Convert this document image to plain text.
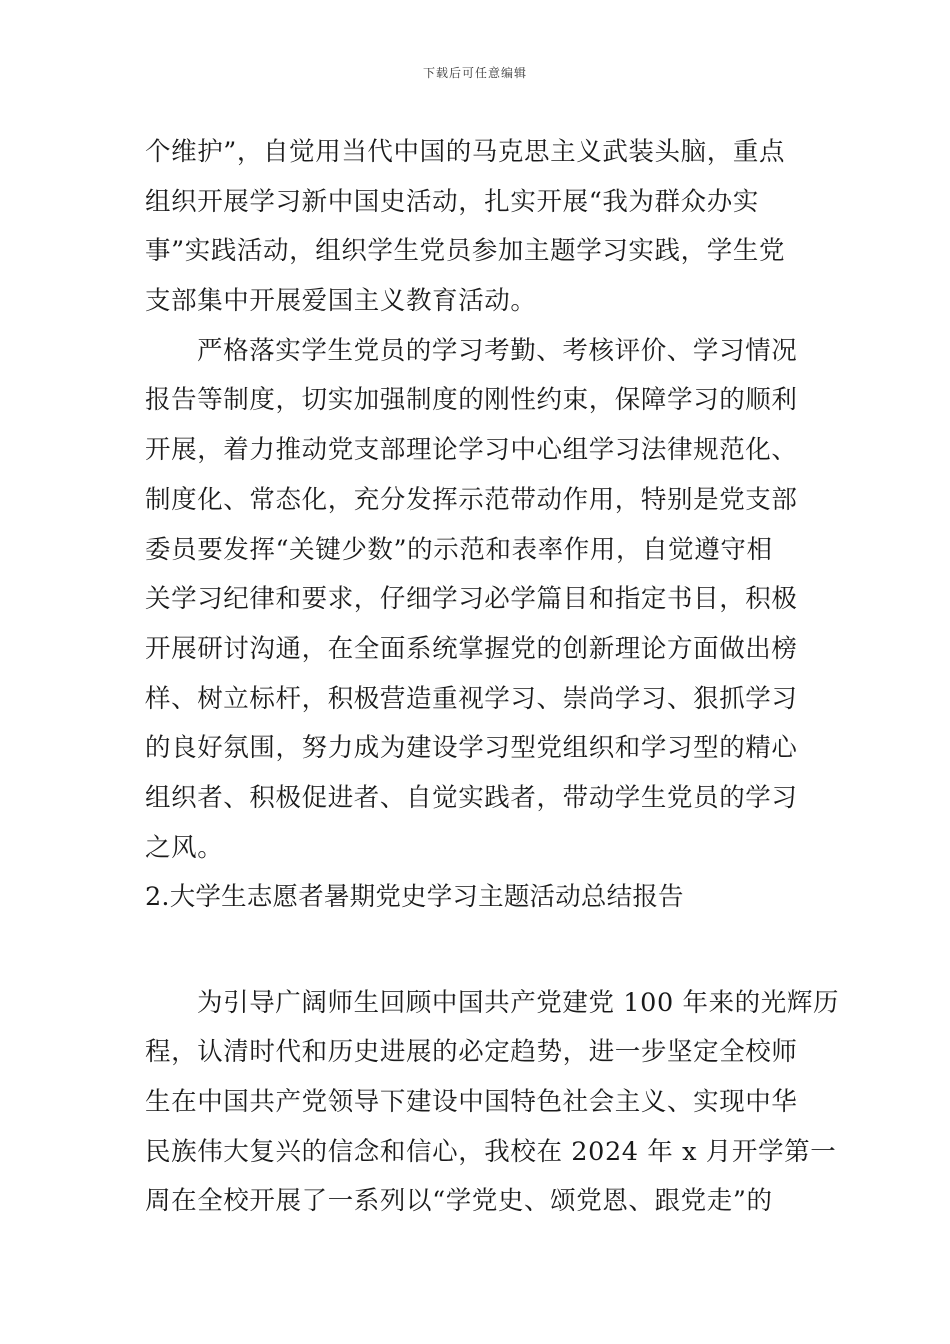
下载后可任意编辑
个维护”，自觉用当代中国的马克思主义武装头脑，重点
组织开展学习新中国史活动，扎实开展“我为群众办实
事”实践活动，组织学生党员参加主题学习实践，学生党
支部集中开展爱国主义教育活动。
严格落实学生党员的学习考勤、考核评价、学习情况
报告等制度，切实加强制度的刚性约束，保障学习的顺利
开展，着力推动党支部理论学习中心组学习法律规范化、
制度化、常态化，充分发挥示范带动作用，特别是党支部
委员要发挥“关键少数”的示范和表率作用，自觉遵守相
关学习纪律和要求，仔细学习必学篇目和指定书目，积极
开展研讨沟通，在全面系统掌握党的创新理论方面做出榜
样、树立标杆，积极营造重视学习、崇尚学习、狠抓学习
的良好氛围，努力成为建设学习型党组织和学习型的精心
组织者、积极促进者、自觉实践者，带动学生党员的学习
之风。
2.大学生志愿者暑期党史学习主题活动总结报告
为引导广阔师生回顾中国共产党建党 100 年来的光辉历
程，认清时代和历史进展的必定趋势，进一步坚定全校师
生在中国共产党领导下建设中国特色社会主义、实现中华
民族伟大复兴的信念和信心，我校在 2024 年 x 月开学第一
周在全校开展了一系列以“学党史、颂党恩、跟党走”的
